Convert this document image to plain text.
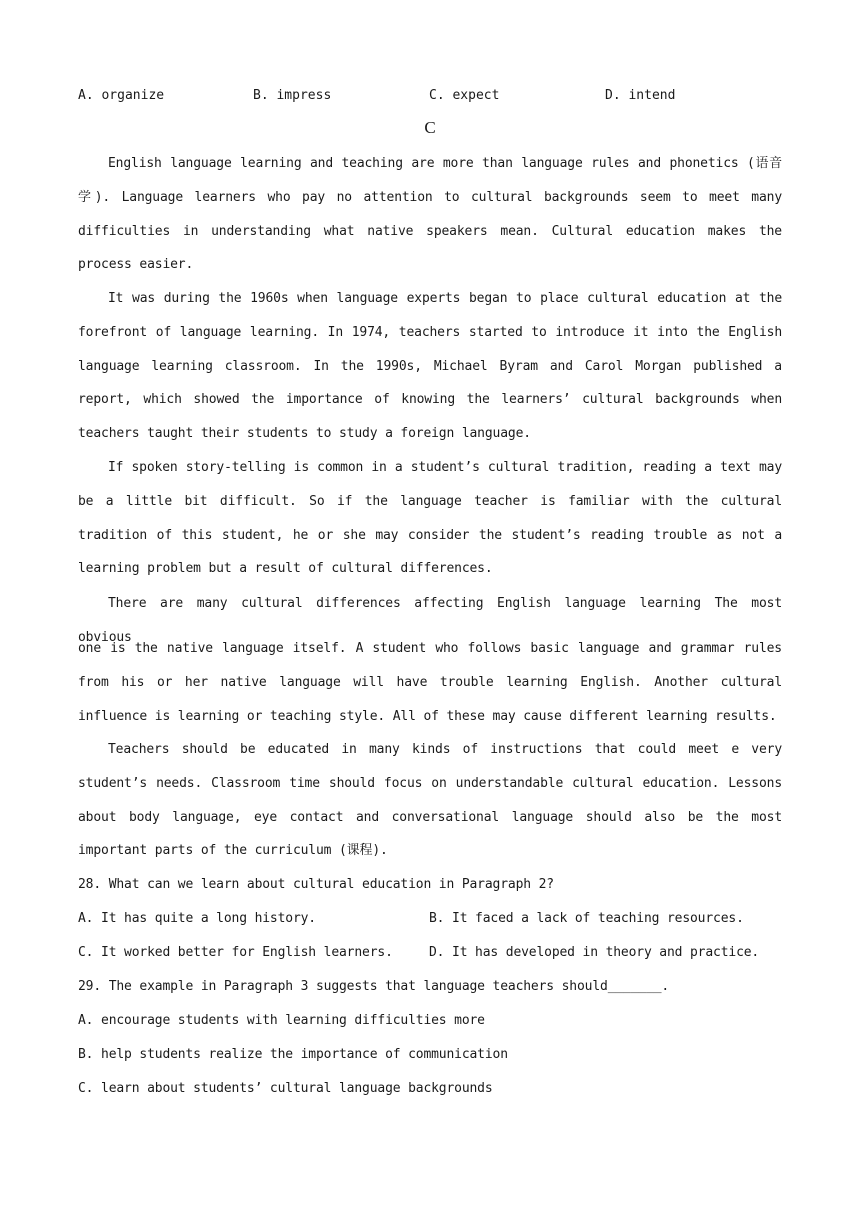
A. organize	B. impress	C. expect	D. intend
C

English language learning and teaching are more than language rules and phonetics (语音学). Language learners who pay no attention to cultural backgrounds seem to meet many difficulties in understanding what native speakers mean. Cultural education makes the process easier.

It was during the 1960s when language experts began to place cultural education at the forefront of language learning. In 1974, teachers started to introduce it into the English language learning classroom. In the 1990s, Michael Byram and Carol Morgan published a report, which showed the importance of knowing the learners’ cultural backgrounds when teachers taught their students to study a foreign language.

If spoken story-telling is common in a student’s cultural tradition, reading a text may be a little bit difficult. So if the language teacher is familiar with the cultural tradition of this student, he or she may consider the student’s reading trouble as not a learning problem but a result of cultural differences.

There are many cultural differences affecting English language learning The most obvious

one is the native language itself. A student who follows basic language and grammar rules from his or her native language will have trouble learning English. Another cultural influence is learning or teaching style. All of these may cause different learning results.

Teachers should be educated in many kinds of instructions that could meet e very student’s needs. Classroom time should focus on understandable cultural education. Lessons about body language, eye contact and conversational language should also be the most important parts of the curriculum (课程).

28. What can we learn about cultural education in Paragraph 2?
A. It has quite a long history.	B. It faced a lack of teaching resources.
C. It worked better for English learners.	D. It has developed in theory and practice.
29. The example in Paragraph 3 suggests that language teachers should_______.
A. encourage students with learning difficulties more
B. help students realize the importance of communication
C. learn about students’ cultural language backgrounds
